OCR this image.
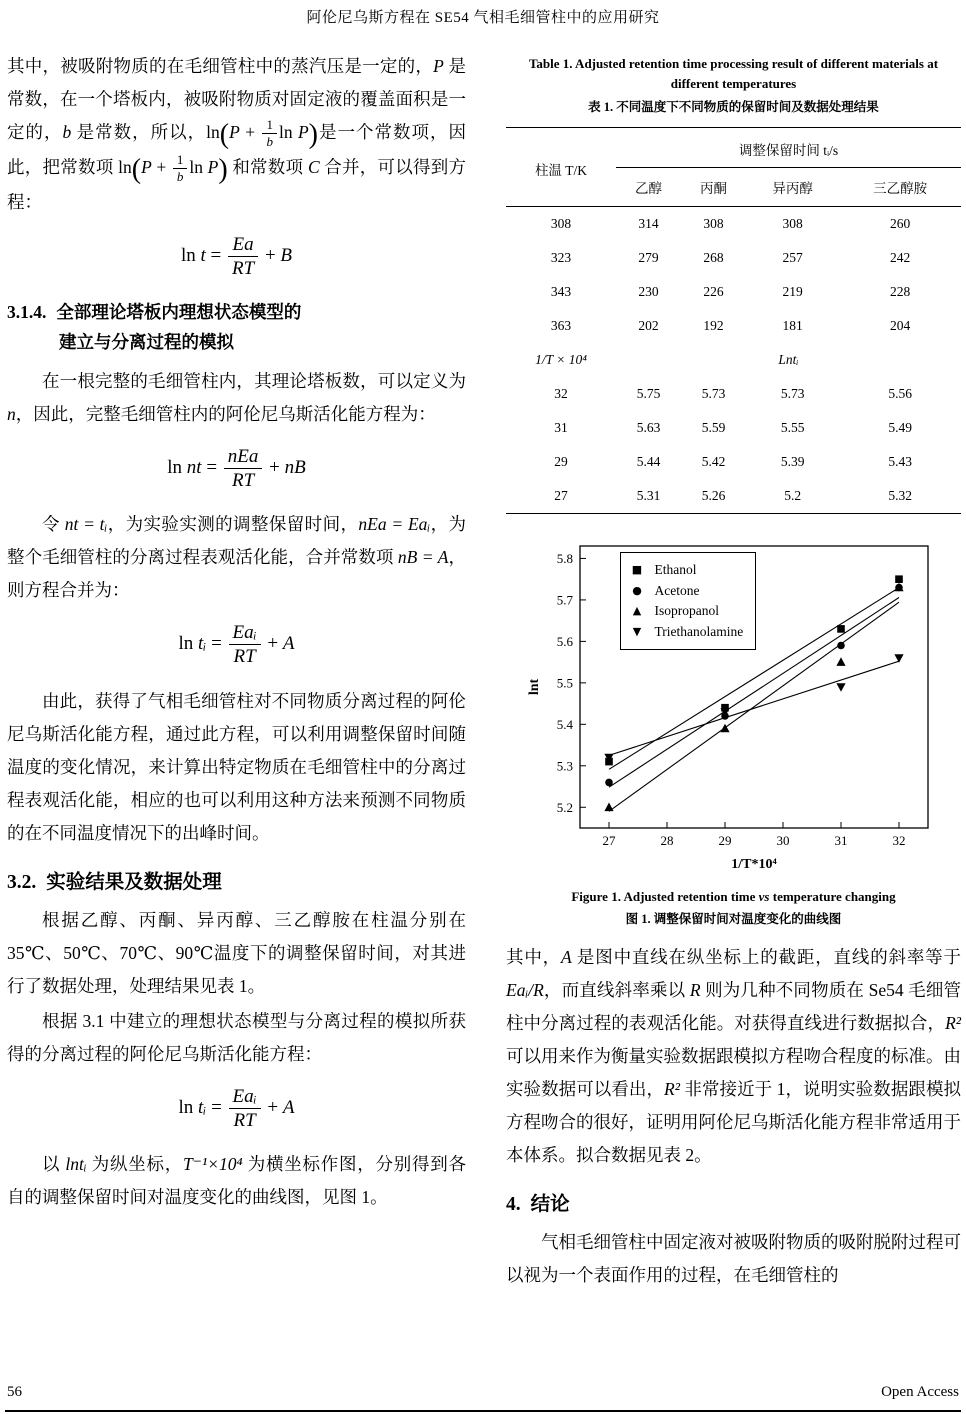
阿伦尼乌斯方程在 SE54 气相毛细管柱中的应用研究

其中，被吸附物质的在毛细管柱中的蒸汽压是一定的，P 是常数，在一个塔板内，被吸附物质对固定液的覆盖面积是一定的，b 是常数，所以，$\ln(P + \frac{1}{b}$ ln P)是一个常数项，因此，把常数项 $\ln(P + \frac{1}{b}$ ln P) 和常数项 C 合并，可以得到方程：

$\ln t = \frac{Ea}{RT} + B$
3.1.4. 全部理论塔板内理想状态模型的
建立与分离过程的模拟

在一根完整的毛细管柱内，其理论塔板数，可以定义为 n，因此，完整毛细管柱内的阿伦尼乌斯活化能方程为：

ln nt = $\frac{\text{nEa}}{RT}$ + nB

令 nt = tᵢ，为实验实测的调整保留时间，nEa = Eaᵢ，为整个毛细管柱的分离过程表观活化能，合并常数项 nB = A，则方程合并为：

ln tᵢ = $\frac{\text{Eaᵢ}}{RT} + A$

由此，获得了气相毛细管柱对不同物质分离过程的阿伦尼乌斯活化能方程，通过此方程，可以利用调整保留时间随温度的变化情况，来计算出特定物质在毛细管柱中的分离过程表观活化能，相应的也可以利用这种方法来预测不同物质的在不同温度情况下的出峰时间。

3.2. 实验结果及数据处理

根据乙醇、丙酮、异丙醇、三乙醇胺在柱温分别在 35℃、50℃、70℃、90℃温度下的调整保留时间，对其进行了数据处理，处理结果见表 1。

根据 3.1 中建立的理想状态模型与分离过程的模拟所获得的分离过程的阿伦尼乌斯活化能方程：

ln tᵢ = $\frac{\text{Eaᵢ}}{RT} + A$

以 lntᵢ 为纵坐标，T⁻¹×10⁴ 为横坐标作图，分别得到各自的调整保留时间对温度变化的曲线图，见图 1。

Table 1. Adjusted retention time processing result of different materials at different temperatures
表 1. 不同温度下不同物质的保留时间及数据处理结果
柱温 T/K	调整保留时间 tᵢ/s			
	乙醇	丙酮	异丙醇	三乙醇胺
308	314	308	308	260
323	279	268	257	242
343	230	226	219	228
363	202	192	181	204
1/T × 10⁴	Lntᵢ			
32	5.75	5.73	5.73	5.56
31	5.63	5.59	5.55	5.49
29	5.44	5.42	5.39	5.43
27	5.31	5.26	5.2	5.32
27	28	29	30	31	32
5.2
5.3
5.4
5.5
5.6
5.7
5.8
1/T*10⁴
lnt
■ Ethanol
● Acetone
▲ Isopropanol
▼ Triethanolamine
Figure 1. Adjusted retention time vs temperature changing
图 1. 调整保留时间对温度变化的曲线图

其中，A 是图中直线在纵坐标上的截距，直线的斜率等于 Eaᵢ/R，而直线斜率乘以 R 则为几种不同物质在 Se54 毛细管柱中分离过程的表观活化能。对获得直线进行数据拟合，R² 可以用来作为衡量实验数据跟模拟方程吻合程度的标准。由实验数据可以看出，R² 非常接近于 1，说明实验数据跟模拟方程吻合的很好，证明用阿伦尼乌斯活化能方程非常适用于本体系。拟合数据见表 2。

4. 结论

气相毛细管柱中固定液对被吸附物质的吸附脱附过程可以视为一个表面作用的过程，在毛细管柱的

56	Open Access
